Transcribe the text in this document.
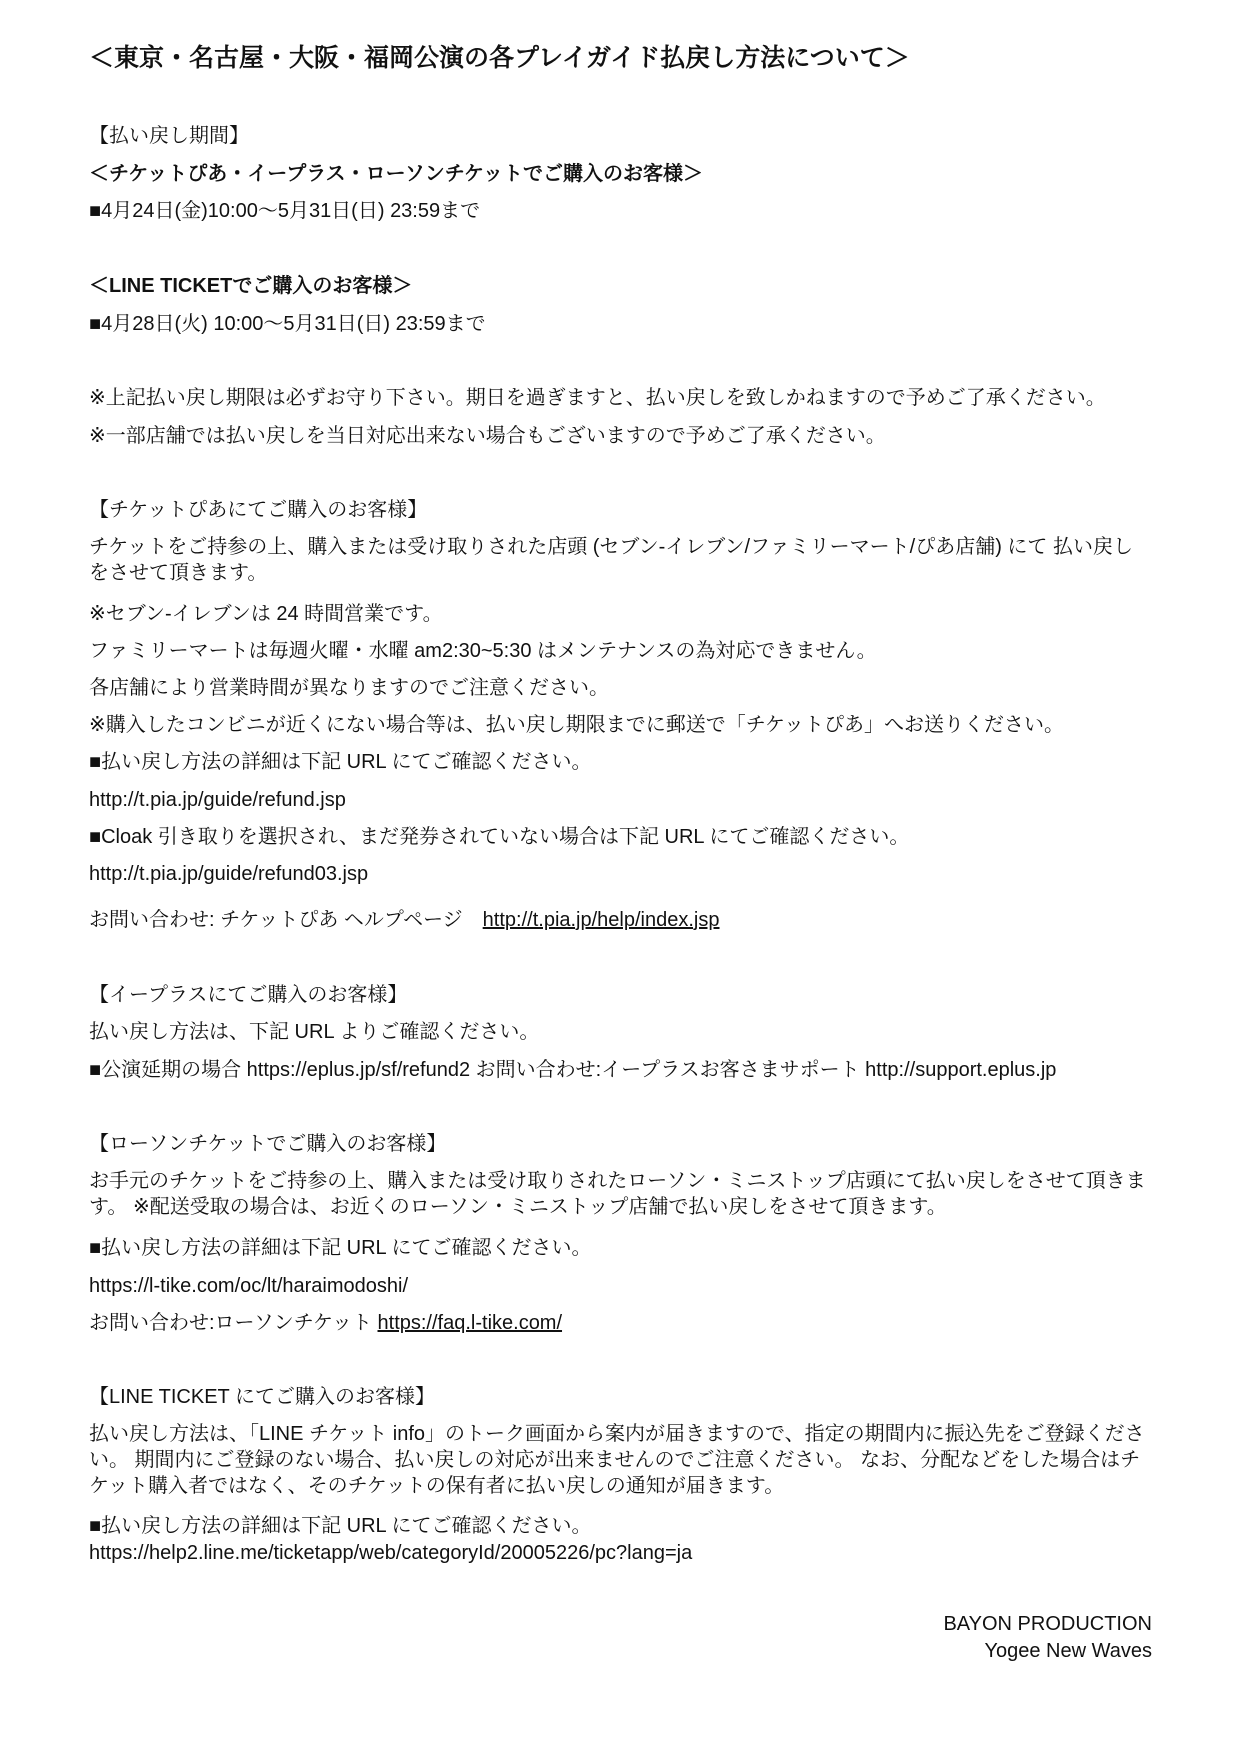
＜東京・名古屋・大阪・福岡公演の各プレイガイド払戻し方法について＞
【払い戻し期間】
＜チケットぴあ・イープラス・ローソンチケットでご購入のお客様＞
■4月24日(金)10:00〜5月31日(日) 23:59まで
＜LINE TICKETでご購入のお客様＞
■4月28日(火) 10:00〜5月31日(日) 23:59まで
※上記払い戻し期限は必ずお守り下さい。期日を過ぎますと、払い戻しを致しかねますので予めご了承ください。
※一部店舗では払い戻しを当日対応出来ない場合もございますので予めご了承ください。
【チケットぴあにてご購入のお客様】
チケットをご持参の上、購入または受け取りされた店頭 (セブン-イレブン/ファミリーマート/ぴあ店舗) にて 払い戻しをさせて頂きます。
※セブン-イレブンは 24 時間営業です。
ファミリーマートは毎週火曜・水曜 am2:30~5:30 はメンテナンスの為対応できません。
各店舗により営業時間が異なりますのでご注意ください。
※購入したコンビニが近くにない場合等は、払い戻し期限までに郵送で「チケットぴあ」へお送りください。
■払い戻し方法の詳細は下記 URL にてご確認ください。
http://t.pia.jp/guide/refund.jsp
■Cloak 引き取りを選択され、まだ発券されていない場合は下記 URL にてご確認ください。
http://t.pia.jp/guide/refund03.jsp
お問い合わせ: チケットぴあ ヘルプページ　http://t.pia.jp/help/index.jsp
【イープラスにてご購入のお客様】
払い戻し方法は、下記 URL よりご確認ください。
■公演延期の場合 https://eplus.jp/sf/refund2 お問い合わせ:イープラスお客さまサポート http://support.eplus.jp
【ローソンチケットでご購入のお客様】
お手元のチケットをご持参の上、購入または受け取りされたローソン・ミニストップ店頭にて払い戻しをさせて頂きます。 ※配送受取の場合は、お近くのローソン・ミニストップ店舗で払い戻しをさせて頂きます。
■払い戻し方法の詳細は下記 URL にてご確認ください。
https://l-tike.com/oc/lt/haraimodoshi/
お問い合わせ:ローソンチケット https://faq.l-tike.com/
【LINE TICKET にてご購入のお客様】
払い戻し方法は、「LINE チケット info」のトーク画面から案内が届きますので、指定の期間内に振込先をご登録ください。 期間内にご登録のない場合、払い戻しの対応が出来ませんのでご注意ください。 なお、分配などをした場合はチケット購入者ではなく、そのチケットの保有者に払い戻しの通知が届きます。
■払い戻し方法の詳細は下記 URL にてご確認ください。
https://help2.line.me/ticketapp/web/categoryId/20005226/pc?lang=ja
BAYON PRODUCTION
Yogee New Waves
